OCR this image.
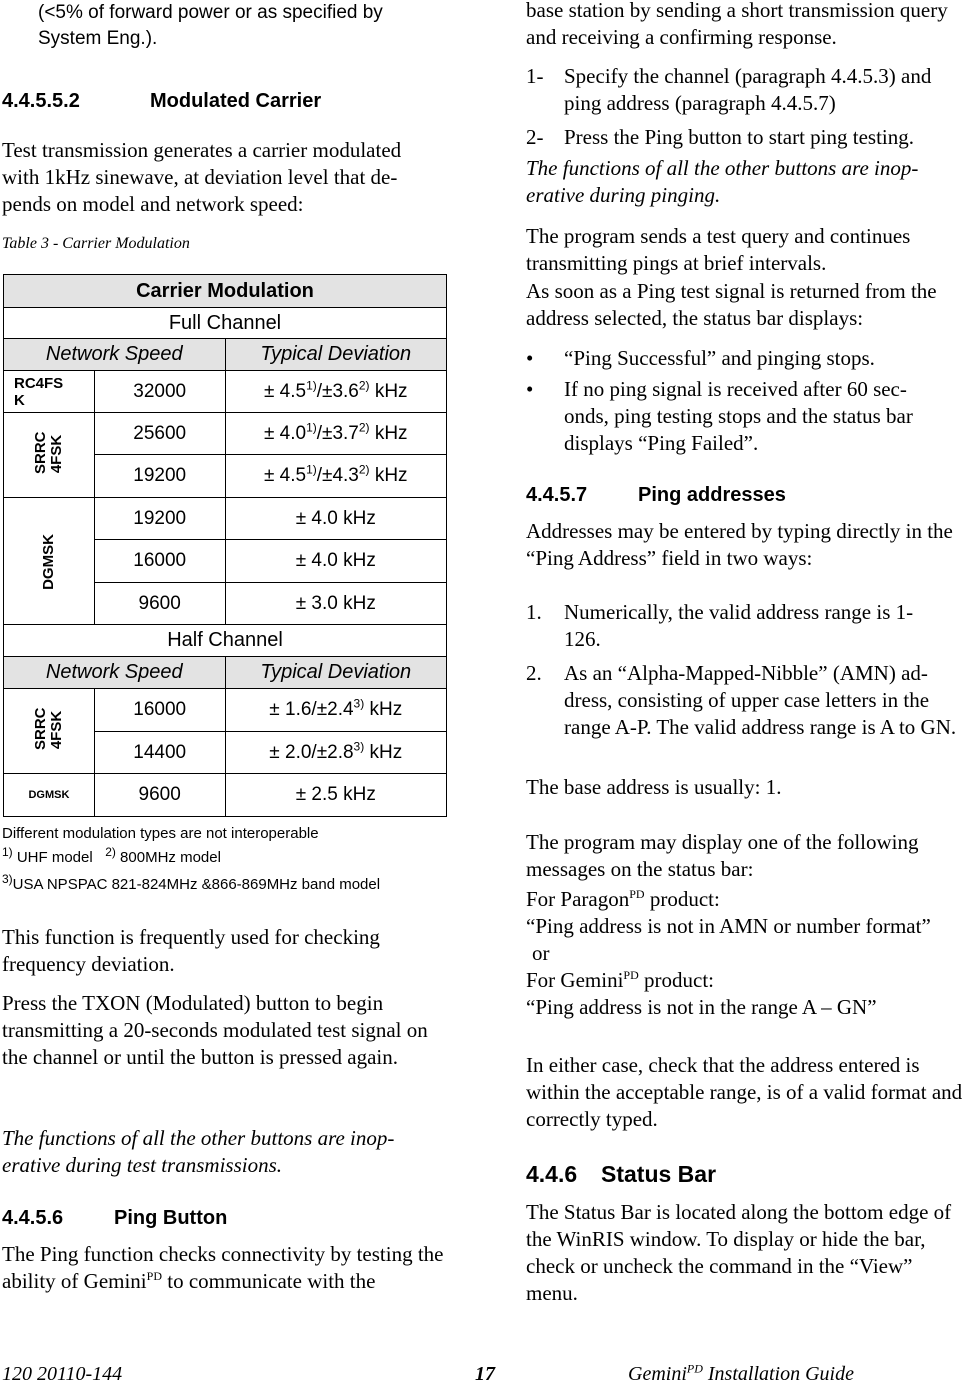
(<5% of forward power or as specified by
System Eng.).
4.4.5.5.2	Modulated Carrier

Test transmission generates a carrier modulated with 1kHz sinewave, at deviation level that de-pends on model and network speed:

Table 3 - Carrier Modulation
Carrier Modulation		
Full Channel		
Network Speed		Typical Deviation
RC4FS K	32000	± $4.5^{1)}/\pm 3.6^{2)}$ kHz
SRRC 4FSK	25600	± $4.0^{1)}/\pm 3.7^{2)}$ kHz
	19200	± $4.5^{1)}/\pm 4.3^{2)}$ kHz
DGMSK	19200	± 4.0 kHz
	16000	± 4.0 kHz
	9600	± 3.0 kHz
Half Channel		
Network Speed		Typical Deviation
SRRC 4FSK	16000	± $1.6/\pm 2.4^{3)}$ kHz
	14400	± $2.0/\pm 2.8^{3)}$ kHz
DGMSK	9600	± 2.5 kHz
Different modulation types are not interoperable
$^{1)}$ UHF model $^{2)}$ 800MHz model
$^{3)}$USA NPSPAC 821-824MHz &866-869MHz band model

This function is frequently used for checking frequency deviation.

Press the TXON (Modulated) button to begin transmitting a 20-seconds modulated test signal on the channel or until the button is pressed again.

The functions of all the other buttons are inop-erative during test transmissions.

4.4.5.6	Ping Button

The Ping function checks connectivity by testing the ability of Gemini$^{PD}$ to communicate with the

base station by sending a short transmission query and receiving a confirming response.

1- Specify the channel (paragraph 4.4.5.3) and ping address (paragraph 4.4.5.7)
2- Press the Ping button to start ping testing.

The functions of all the other buttons are inop-erative during pinging.

The program sends a test query and continues transmitting pings at brief intervals.

As soon as a Ping test signal is returned from the address selected, the status bar displays:

• “Ping Successful” and pinging stops.
• If no ping signal is received after 60 sec-onds, ping testing stops and the status bar displays “Ping Failed”.
4.4.5.7	Ping addresses

Addresses may be entered by typing directly in the “Ping Address” field in two ways:

1. Numerically, the valid address range is 1-126.
2. As an “Alpha-Mapped-Nibble” (AMN) ad-dress, consisting of upper case letters in the range A-P. The valid address range is A to GN.

The base address is usually: 1.

The program may display one of the following messages on the status bar:

For Paragon$^{PD}$ product:
“Ping address is not in AMN or number format”
or
For Gemini$^{PD}$ product:
“Ping address is not in the range A – GN”

In either case, check that the address entered is within the acceptable range, is of a valid format and correctly typed.

4.4.6 Status Bar

The Status Bar is located along the bottom edge of the WinRIS window. To display or hide the bar, check or uncheck the command in the “View” menu.

120 20110-144	17	Gemini$^{PD}$ Installation Guide
